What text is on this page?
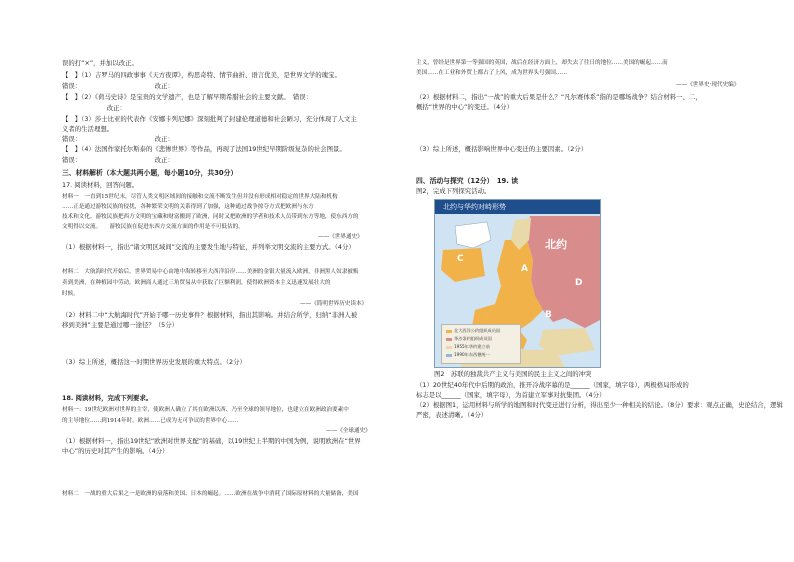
误的打“×”，并加以改正。
【　】（1）吉罗马的四政事事《天方夜谭》，构思奇特、情节曲折、语言优美，是世界文学的瑰宝。
错误：　　　　　　　　　　　　改正：
【　】（2）《荷马史诗》是宝贵的文学遗产，也是了解早期希腊社会的主要文献。　错误：
　　　　　　　改正：
【　】（3）莎士比亚的代表作《安娜卡列尼娜》深刻批判了封建伦理道德和社会陋习，充分体现了人文主
义者的生活理想。
错误：　　　　　　　　　　　　改正：
【　】（4）法国作家托尔斯泰的《悲惨世界》等作品，再现了法国19世纪早期阶级复杂的社会图景。
错误：　　　　　　　　　　　　改正：
三、材料解析（本大题共两小题，每小题10分，共30分）
17. 阅读材料，回答问题。
材料一　一直到15世纪末，尽管人类文明区域间的接触和交流不断发生但并没有形成相对稳定的世界大陆和机构
……正是通过游牧民族的侵扰，各种繁荣文明的关系得到了加强，这种通过战争掠夺方式把欧洲与东方
技术和文化。游牧民族把西方文明的宝藏和财富搬到了欧洲，同时又把欧洲的学者和技术人员带到东方等地，使东西方的
文明得以交流。　　游牧民族在促进东西方交流方面的作用是不可低估的。
——《世界通史》
（1）根据材料一，指出“诸文明区域间”交流的主要发生地与特征，并列举文明交流的主要方式。（4分）
材料二　大航海时代开始后，世界贸易中心由地中海转移至大西洋沿岸……美洲的金银大量流入欧洲，非洲黑人奴隶被贩
卖到美洲，在种植园中劳动。欧洲商人通过三角贸易从中获取了巨额利润，使得欧洲资本主义迅速发展壮大的
时候。
——《简明世界历史读本》
（2）材料二中“大航海时代”开始于哪一历史事件？根据材料，指出其影响。并结合所学，归纳“非洲人被
移到美洲”主要是通过哪一途径？（5分）
（3）综上所述，概括这一时期世界历史发展的重大特点。（2分）
18. 阅读材料，完成下列要求。
材料一：19世纪欧洲对世界的主宰，使欧洲人确立了其在欧洲以西、乃至全球的领导地位，也建立在欧洲政治要素中
的主导地位……到1914年时，欧洲……已成为无可争议的世界中心……
——《全球通史》
（1）根据材料一，指出19世纪“欧洲对世界支配”的基础，以19世纪上半期的中国为例，说明欧洲在“世界
中心”的历史对其产生的影响。（4分）
材料二　一战的重大后果之一是欧洲的衰落和美国、日本的崛起。……欧洲在战争中消耗了国际原材料的大量储备，美国
主义，曾经是世界第一等强国的英国，战后在经济方面上，却失去了往日的地位……美国的崛起……而
美国……在工业和外贸上都占了上风，成为世界头号强国……
——《世界史·现代史编》
（2）根据材料二，指出“一战”的重大后果是什么？“凡尔赛体系”指的是哪场战争？结合材料一、二，
概括“世界的中心”的变迁。（4分）
（3）综上所述，概括影响世界中心变迁的主要因素。（2分）
四、活动与探究（12分）　19. 读
图2，完成下列探究活动。
北约
北约与华约对峙形势
C
A
B
D
北大西洋公约组织成员国
华沙条约组织成员国
1955年华约建立前
1990年东西德统一
图2　苏联的独裁共产主义与美国的民主主义之间的冲突
（1）20世纪40年代中后期的政治，推开冷战序幕的是______（国家，填字母），两极格局形成的
标志是以______（国家，填字母），为首建立军事对抗集团。（4分）
（2）根据图1，运用材料与所学的地图和时代变迁进行分析，得出至少一种相关的结论。（8分）要求：观点正确，史论结合，逻辑
严密，表述清晰。（4分）
